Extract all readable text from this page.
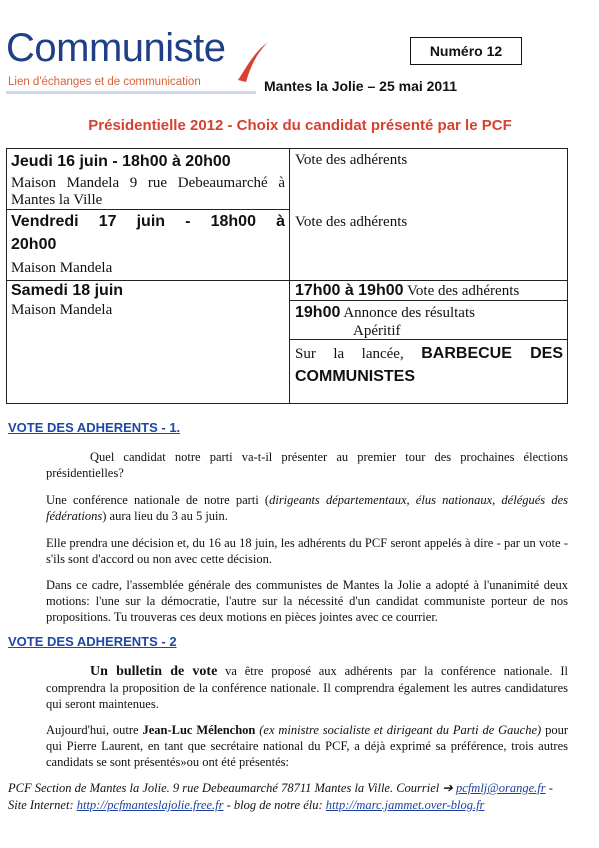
Communiste
Lien d'échanges et de communication
Numéro 12
Mantes la Jolie – 25 mai 2011
Présidentielle 2012 - Choix du candidat présenté par le PCF
Jeudi 16 juin - 18h00 à 20h00
Maison Mandela 9 rue Debeaumarché à
Mantes la Ville
Vote des adhérents
Vendredi 17 juin - 18h00 à
20h00
Maison Mandela
Vote des adhérents
Samedi 18 juin
Maison Mandela
17h00 à 19h00 Vote des adhérents
19h00 Annonce des résultats
Apéritif
Sur la lancée, BARBECUE DES
COMMUNISTES
VOTE DES ADHERENTS - 1.
Quel candidat notre parti va-t-il présenter au premier tour des prochaines élections présidentielles?
Une conférence nationale de notre parti (dirigeants départementaux, élus nationaux, délégués des fédérations) aura lieu du 3 au 5 juin.
Elle prendra une décision et, du 16 au 18 juin, les adhérents du PCF seront appelés à dire - par un vote - s'ils sont d'accord ou non avec cette décision.
Dans ce cadre, l'assemblée générale des communistes de Mantes la Jolie a adopté à l'unanimité deux motions: l'une sur la démocratie, l'autre sur la nécessité d'un candidat communiste porteur de nos propositions. Tu trouveras ces deux motions en pièces jointes avec ce courrier.
VOTE DES ADHERENTS - 2
Un bulletin de vote va être proposé aux adhérents par la conférence nationale. Il comprendra la proposition de la conférence nationale. Il comprendra également les autres candidatures qui seront maintenues.
Aujourd'hui, outre Jean-Luc Mélenchon (ex ministre socialiste et dirigeant du Parti de Gauche) pour qui Pierre Laurent, en tant que secrétaire national du PCF, a déjà exprimé sa préférence, trois autres candidats se sont présentés»ou ont été présentés:
PCF Section de Mantes la Jolie. 9 rue Debeaumarché 78711 Mantes la Ville. Courriel ➔ pcfmlj@orange.fr -
Site Internet: http://pcfmanteslajolie.free.fr - blog de notre élu: http://marc.jammet.over-blog.fr
